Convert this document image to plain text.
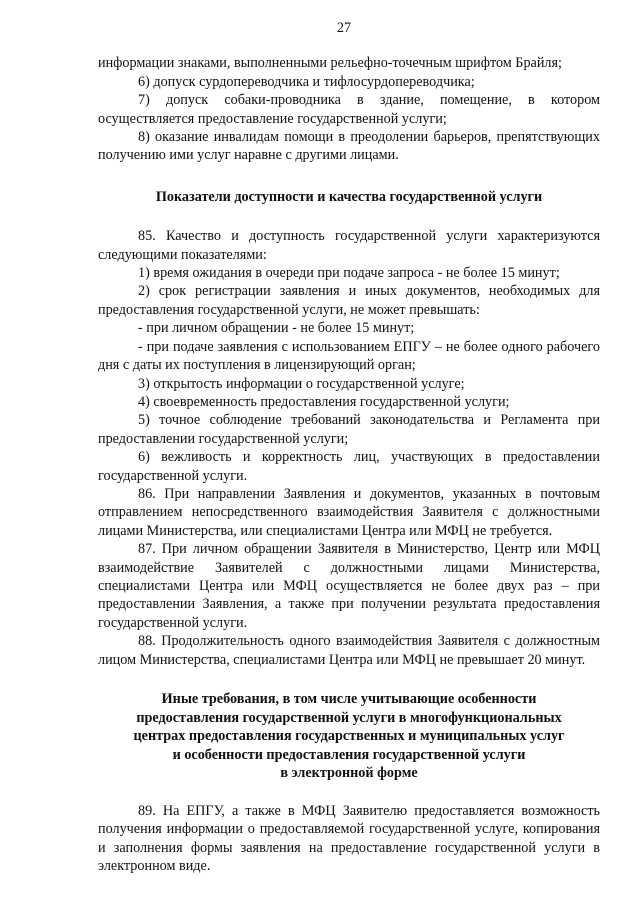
27

информации знаками, выполненными рельефно-точечным шрифтом Брайля;

6) допуск сурдопереводчика и тифлосурдопереводчика;

7) допуск собаки-проводника в здание, помещение, в котором осуществляется предоставление государственной услуги;

8) оказание инвалидам помощи в преодолении барьеров, препятствующих получению ими услуг наравне с другими лицами.

Показатели доступности и качества государственной услуги

85. Качество и доступность государственной услуги характеризуются следующими показателями:

1) время ожидания в очереди при подаче запроса - не более 15 минут;

2) срок регистрации заявления и иных документов, необходимых для предоставления государственной услуги, не может превышать:

- при личном обращении - не более 15 минут;

- при подаче заявления с использованием ЕПГУ – не более одного рабочего дня с даты их поступления в лицензирующий орган;

3) открытость информации о государственной услуге;

4) своевременность предоставления государственной услуги;

5) точное соблюдение требований законодательства и Регламента при предоставлении государственной услуги;

6) вежливость и корректность лиц, участвующих в предоставлении государственной услуги.

86. При направлении Заявления и документов, указанных в почтовым отправлением непосредственного взаимодействия Заявителя с должностными лицами Министерства, или специалистами Центра или МФЦ не требуется.

87. При личном обращении Заявителя в Министерство, Центр или МФЦ взаимодействие Заявителей с должностными лицами Министерства, специалистами Центра или МФЦ осуществляется не более двух раз – при предоставлении Заявления, а также при получении результата предоставления государственной услуги.

88. Продолжительность одного взаимодействия Заявителя с должностным лицом Министерства, специалистами Центра или МФЦ не превышает 20 минут.

Иные требования, в том числе учитывающие особенности
предоставления государственной услуги в многофункциональных
центрах предоставления государственных и муниципальных услуг
и особенности предоставления государственной услуги
в электронной форме

89. На ЕПГУ, а также в МФЦ Заявителю предоставляется возможность получения информации о предоставляемой государственной услуге, копирования и заполнения формы заявления на предоставление государственной услуги в электронном виде.
